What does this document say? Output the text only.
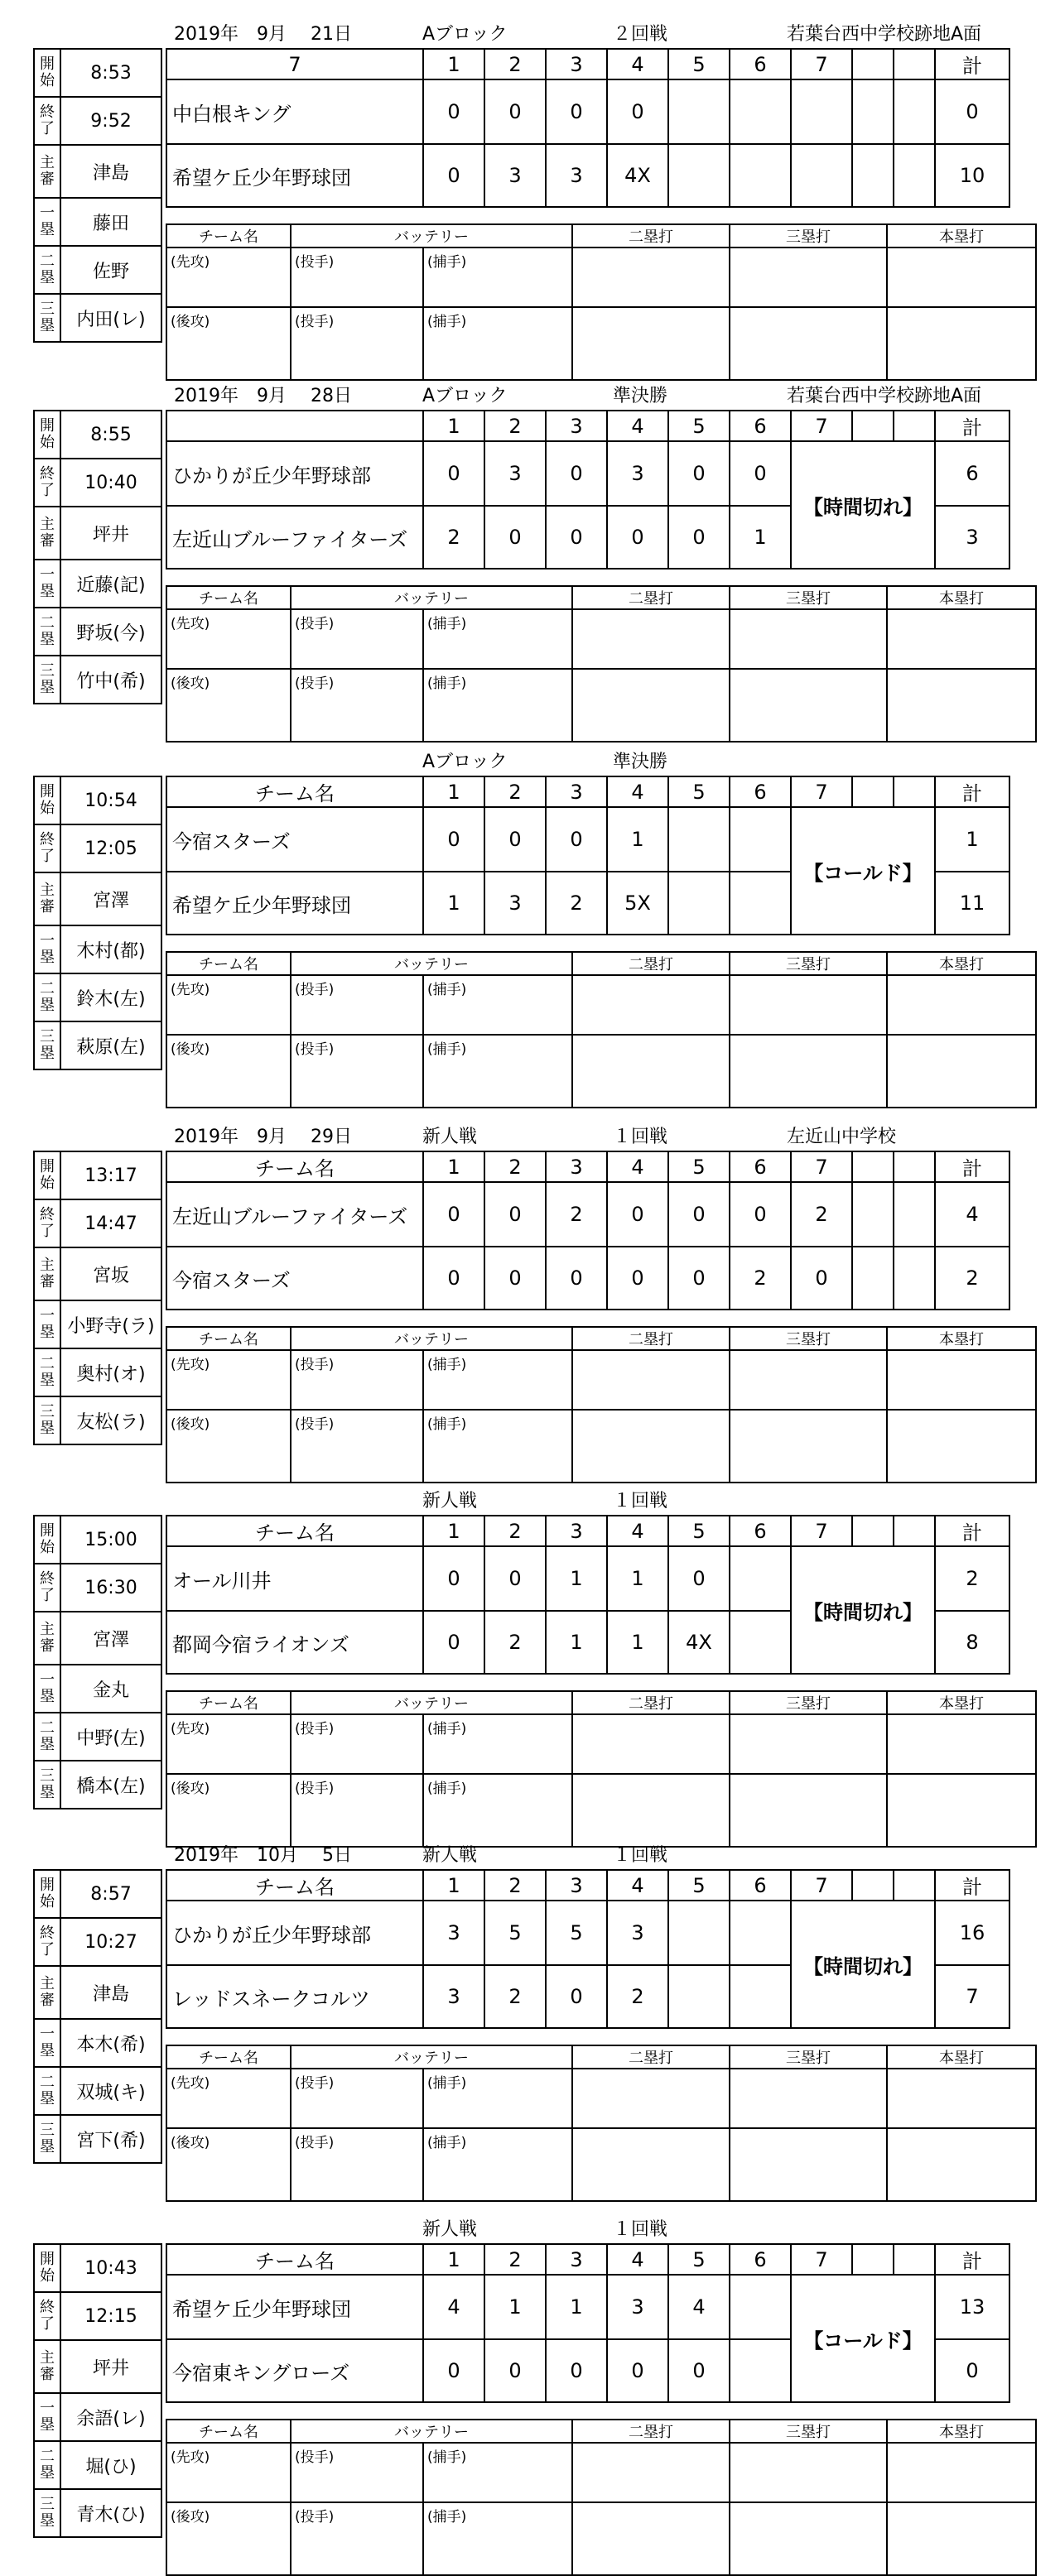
2019年　9月　 21日	Aブロック	２回戦	若葉台西中学校跡地A面
開始	8:53
終了	9:52
主審	津島
一塁	藤田
二塁	佐野
三塁	内田(レ)
7	1	2	3	4	5	6	7			計
中白根キング	0	0	0	0						0
希望ケ丘少年野球団	0	3	3	4X						10
チーム名	バッテリー		二塁打	三塁打	本塁打
(先攻)	(投手)	(捕手)			
(後攻)	(投手)	(捕手)			
2019年　9月　 28日	Aブロック	準決勝	若葉台西中学校跡地A面
開始	8:55
終了	10:40
主審	坪井
一塁	近藤(記)
二塁	野坂(今)
三塁	竹中(希)
	1	2	3	4	5	6	7			計
ひかりが丘少年野球部	0	3	0	3	0	0	【時間切れ】			6
左近山ブルーファイターズ	2	0	0	0	0	1				3
チーム名	バッテリー		二塁打	三塁打	本塁打
(先攻)	(投手)	(捕手)			
(後攻)	(投手)	(捕手)			
Aブロック	準決勝
開始	10:54
終了	12:05
主審	宮澤
一塁	木村(都)
二塁	鈴木(左)
三塁	萩原(左)
チーム名	1	2	3	4	5	6	7			計
今宿スターズ	0	0	0	1			【コールド】			1
希望ケ丘少年野球団	1	3	2	5X						11
チーム名	バッテリー		二塁打	三塁打	本塁打
(先攻)	(投手)	(捕手)			
(後攻)	(投手)	(捕手)			
2019年　9月　 29日	新人戦	１回戦	左近山中学校
開始	13:17
終了	14:47
主審	宮坂
一塁	小野寺(ラ)
二塁	奥村(オ)
三塁	友松(ラ)
チーム名	1	2	3	4	5	6	7			計
左近山ブルーファイターズ	0	0	2	0	0	0	2			4
今宿スターズ	0	0	0	0	0	2	0			2
チーム名	バッテリー		二塁打	三塁打	本塁打
(先攻)	(投手)	(捕手)			
(後攻)	(投手)	(捕手)			
新人戦	１回戦
開始	15:00
終了	16:30
主審	宮澤
一塁	金丸
二塁	中野(左)
三塁	橋本(左)
チーム名	1	2	3	4	5	6	7			計
オール川井	0	0	1	1	0		【時間切れ】			2
都岡今宿ライオンズ	0	2	1	1	4X					8
チーム名	バッテリー		二塁打	三塁打	本塁打
(先攻)	(投手)	(捕手)			
(後攻)	(投手)	(捕手)			
2019年　10月　 5日	新人戦	１回戦
開始	8:57
終了	10:27
主審	津島
一塁	本木(希)
二塁	双城(キ)
三塁	宮下(希)
チーム名	1	2	3	4	5	6	7			計
ひかりが丘少年野球部	3	5	5	3			【時間切れ】			16
レッドスネークコルツ	3	2	0	2						7
チーム名	バッテリー		二塁打	三塁打	本塁打
(先攻)	(投手)	(捕手)			
(後攻)	(投手)	(捕手)			
新人戦	１回戦
開始	10:43
終了	12:15
主審	坪井
一塁	余語(レ)
二塁	堀(ひ)
三塁	青木(ひ)
チーム名	1	2	3	4	5	6	7			計
希望ケ丘少年野球団	4	1	1	3	4		【コールド】			13
今宿東キングローズ	0	0	0	0	0					0
チーム名	バッテリー		二塁打	三塁打	本塁打
(先攻)	(投手)	(捕手)			
(後攻)	(投手)	(捕手)			
